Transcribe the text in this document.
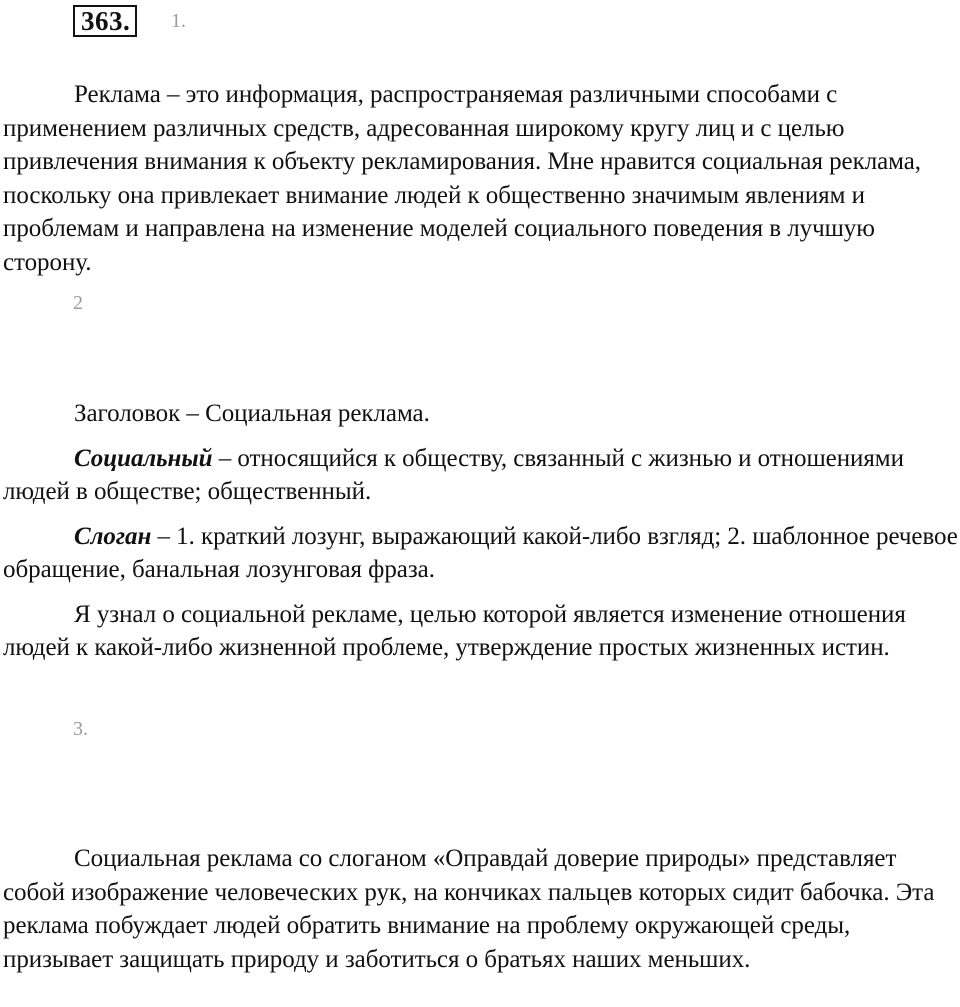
363.	1.

Реклама – это информация, распространяемая различными способами с применением различных средств, адресованная широкому кругу лиц и с целью привлечения внимания к объекту рекламирования. Мне нравится социальная реклама, поскольку она привлекает внимание людей к общественно значимым явлениям и проблемам и направлена на изменение моделей социального поведения в лучшую сторону.

2

Заголовок – Социальная реклама.

Социальный – относящийся к обществу, связанный с жизнью и отношениями людей в обществе; общественный.

Слоган – 1. краткий лозунг, выражающий какой-либо взгляд; 2. шаблонное речевое обращение, банальная лозунговая фраза.

Я узнал о социальной рекламе, целью которой является изменение отношения людей к какой-либо жизненной проблеме, утверждение простых жизненных истин.

3.

Социальная реклама со слоганом «Оправдай доверие природы» представляет собой изображение человеческих рук, на кончиках пальцев которых сидит бабочка. Эта реклама побуждает людей обратить внимание на проблему окружающей среды, призывает защищать природу и заботиться о братьях наших меньших.
